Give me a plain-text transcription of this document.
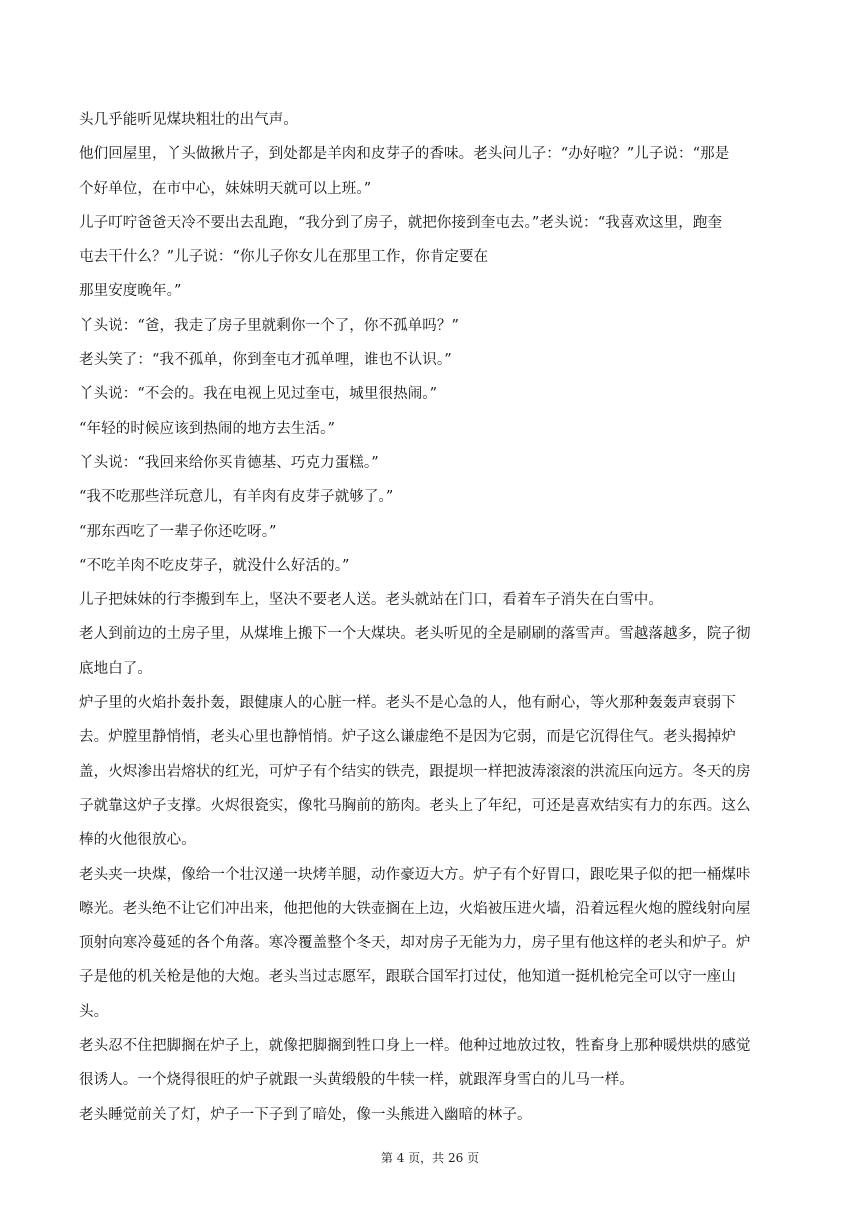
头几乎能听见煤块粗壮的出气声。
他们回屋里，丫头做揪片子，到处都是羊肉和皮芽子的香味。老头问儿子：“办好啦？”儿子说：“那是
个好单位，在市中心，妹妹明天就可以上班。”
儿子叮咛爸爸天冷不要出去乱跑，“我分到了房子，就把你接到奎屯去。”老头说：“我喜欢这里，跑奎
屯去干什么？”儿子说：“你儿子你女儿在那里工作，你肯定要在
那里安度晚年。”
丫头说：“爸，我走了房子里就剩你一个了，你不孤单吗？”
老头笑了：“我不孤单，你到奎屯才孤单哩，谁也不认识。”
丫头说：“不会的。我在电视上见过奎屯，城里很热闹。”
“年轻的时候应该到热闹的地方去生活。”
丫头说：“我回来给你买肯德基、巧克力蛋糕。”
“我不吃那些洋玩意儿，有羊肉有皮芽子就够了。”
“那东西吃了一辈子你还吃呀。”
“不吃羊肉不吃皮芽子，就没什么好活的。”
儿子把妹妹的行李搬到车上，坚决不要老人送。老头就站在门口，看着车子消失在白雪中。
老人到前边的土房子里，从煤堆上搬下一个大煤块。老头听见的全是刷刷的落雪声。雪越落越多，院子彻
底地白了。
炉子里的火焰扑轰扑轰，跟健康人的心脏一样。老头不是心急的人，他有耐心，等火那种轰轰声衰弱下
去。炉膛里静悄悄，老头心里也静悄悄。炉子这么谦虚绝不是因为它弱，而是它沉得住气。老头揭掉炉
盖，火烬渗出岩熔状的红光，可炉子有个结实的铁壳，跟提坝一样把波涛滚滚的洪流压向远方。冬天的房
子就靠这炉子支撑。火烬很瓷实，像牝马胸前的筋肉。老头上了年纪，可还是喜欢结实有力的东西。这么
棒的火他很放心。
老头夹一块煤，像给一个壮汉递一块烤羊腿，动作豪迈大方。炉子有个好胃口，跟吃果子似的把一桶煤咔
嚓光。老头绝不让它们冲出来，他把他的大铁壶搁在上边，火焰被压进火墙，沿着远程火炮的膛线射向屋
顶射向寒冷蔓延的各个角落。寒冷覆盖整个冬天，却对房子无能为力，房子里有他这样的老头和炉子。炉
子是他的机关枪是他的大炮。老头当过志愿军，跟联合国军打过仗，他知道一挺机枪完全可以守一座山
头。
老头忍不住把脚搁在炉子上，就像把脚搁到牲口身上一样。他种过地放过牧，牲畜身上那种暖烘烘的感觉
很诱人。一个烧得很旺的炉子就跟一头黄缎般的牛犊一样，就跟浑身雪白的儿马一样。
老头睡觉前关了灯，炉子一下子到了暗处，像一头熊进入幽暗的林子。
第 4 页，共 26 页
